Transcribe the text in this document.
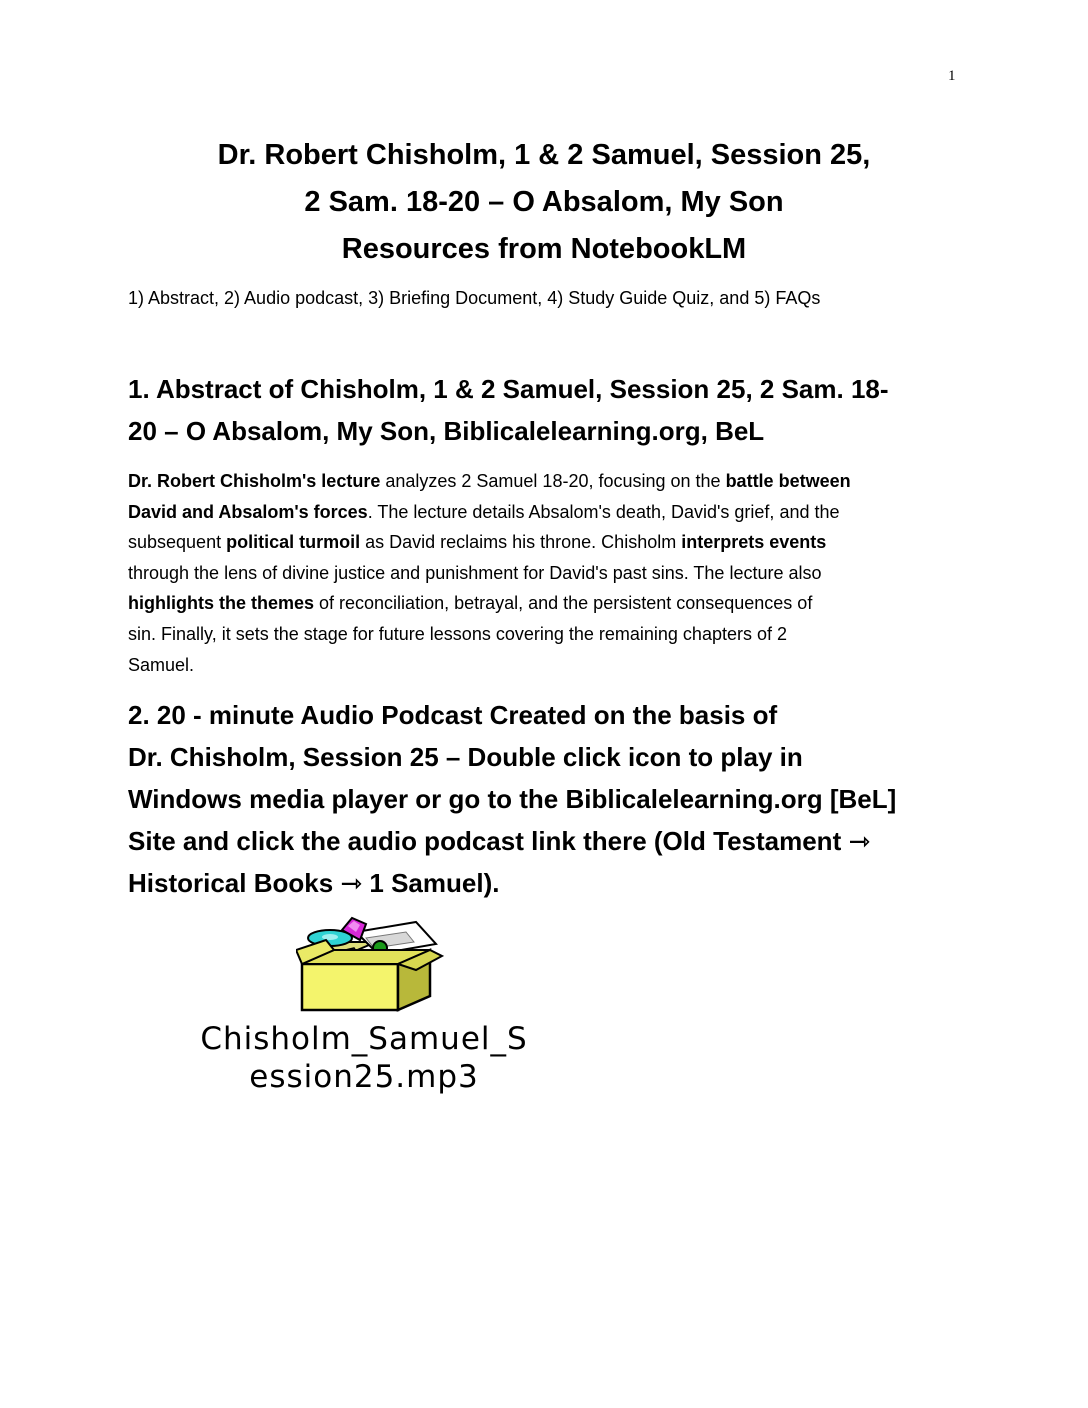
1
Dr. Robert Chisholm, 1 & 2 Samuel, Session 25,
2 Sam. 18-20 – O Absalom, My Son
Resources from NotebookLM
1) Abstract, 2) Audio podcast, 3) Briefing Document, 4) Study Guide Quiz, and 5) FAQs
1. Abstract of Chisholm, 1 & 2 Samuel, Session 25, 2 Sam. 18-
20 – O Absalom, My Son, Biblicalelearning.org, BeL
Dr. Robert Chisholm's lecture analyzes 2 Samuel 18-20, focusing on the battle between
David and Absalom's forces. The lecture details Absalom's death, David's grief, and the
subsequent political turmoil as David reclaims his throne. Chisholm interprets events
through the lens of divine justice and punishment for David's past sins. The lecture also
highlights the themes of reconciliation, betrayal, and the persistent consequences of
sin. Finally, it sets the stage for future lessons covering the remaining chapters of 2
Samuel.
2. 20 - minute Audio Podcast Created on the basis of
Dr. Chisholm, Session 25 – Double click icon to play in
Windows media player or go to the Biblicalelearning.org [BeL]
Site and click the audio podcast link there (Old Testament ⇾
Historical Books ⇾ 1 Samuel).
Chisholm_Samuel_S
ession25.mp3
